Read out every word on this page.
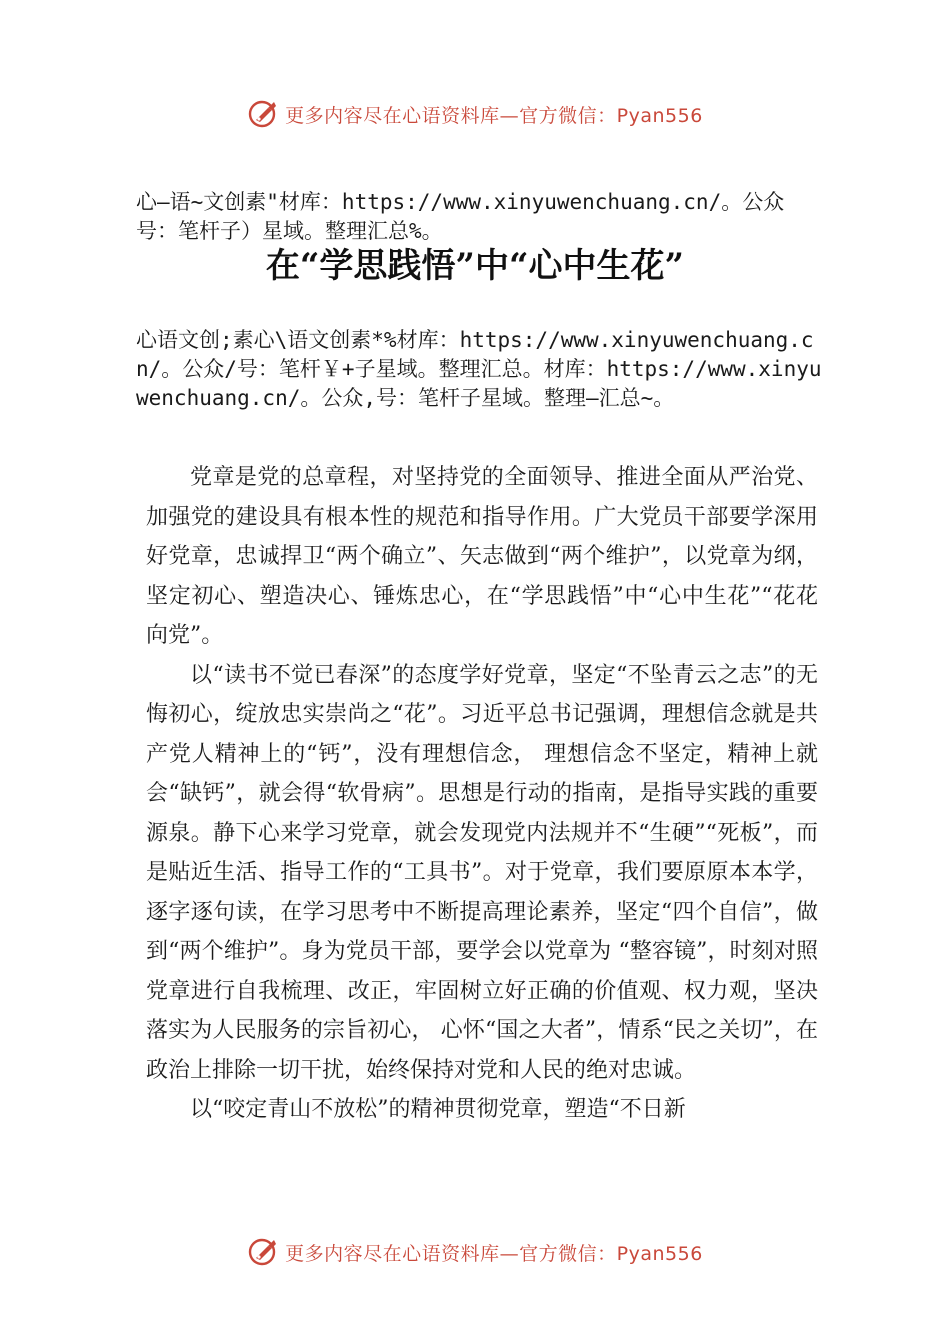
更多内容尽在心语资料库—官方微信：Pyan556

心—语~文创素"材库：https://www.xinyuwenchuang.cn/。公众号：笔杆子）星域。整理汇总%。

在“学思践悟”中“心中生花”

心语文创;素心\语文创素*%材库：https://www.xinyuwenchuang.cn/。公众/号：笔杆￥+子星域。整理汇总。材库：https://www.xinyuwenchuang.cn/。公众,号：笔杆子星域。整理—汇总~。

党章是党的总章程，对坚持党的全面领导、推进全面从严治党、加强党的建设具有根本性的规范和指导作用。广大党员干部要学深用好党章，忠诚捍卫“两个确立”、矢志做到“两个维护”，以党章为纲，坚定初心、塑造决心、锤炼忠心，在“学思践悟”中“心中生花”“花花向党”。

以“读书不觉已春深”的态度学好党章，坚定“不坠青云之志”的无悔初心，绽放忠实崇尚之“花”。习近平总书记强调，理想信念就是共产党人精神上的“钙”，没有理想信念， 理想信念不坚定，精神上就会“缺钙”，就会得“软骨病”。思想是行动的指南，是指导实践的重要源泉。静下心来学习党章，就会发现党内法规并不“生硬”“死板”，而是贴近生活、指导工作的“工具书”。对于党章，我们要原原本本学， 逐字逐句读，在学习思考中不断提高理论素养，坚定“四个自信”，做到“两个维护”。身为党员干部，要学会以党章为 “整容镜”，时刻对照党章进行自我梳理、改正，牢固树立好正确的价值观、权力观，坚决落实为人民服务的宗旨初心， 心怀“国之大者”，情系“民之关切”，在政治上排除一切干扰，始终保持对党和人民的绝对忠诚。

以“咬定青山不放松”的精神贯彻党章，塑造“不日新

更多内容尽在心语资料库—官方微信：Pyan556
